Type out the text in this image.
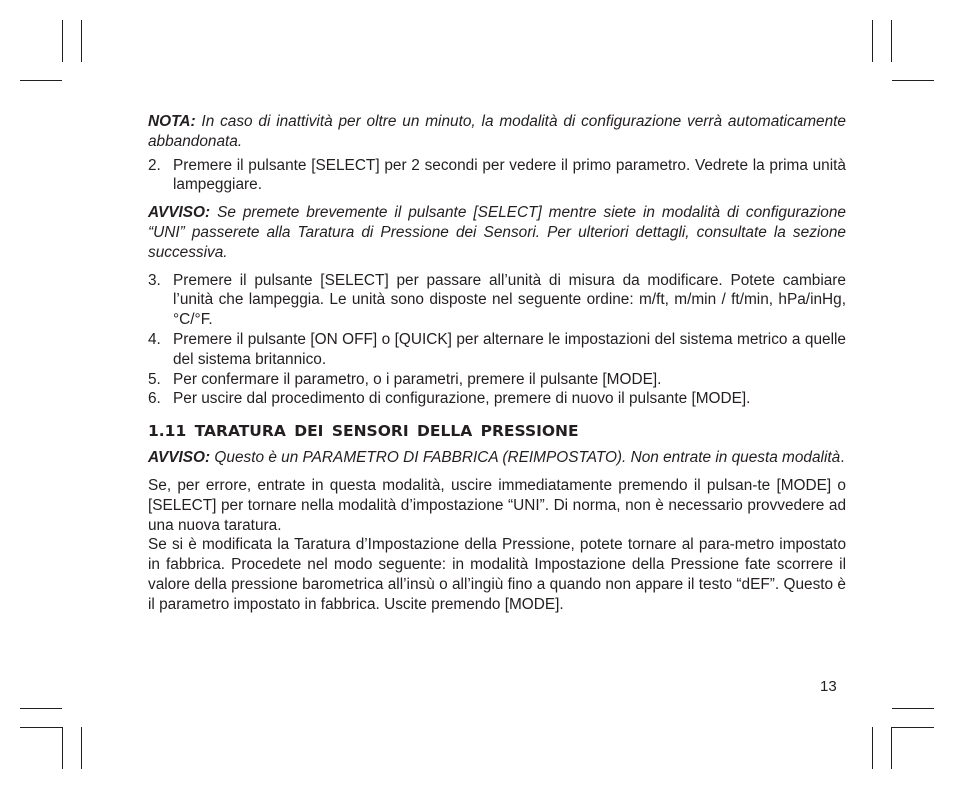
NOTA: In caso di inattività per oltre un minuto, la modalità di configurazione verrà automaticamente abbandonata.

2. Premere il pulsante [SELECT] per 2 secondi per vedere il primo parametro. Vedrete la prima unità lampeggiare.

AVVISO: Se premete brevemente il pulsante [SELECT] mentre siete in modalità di configurazione “UNI” passerete alla Taratura di Pressione dei Sensori. Per ulteriori dettagli, consultate la sezione successiva.

3. Premere il pulsante [SELECT] per passare all’unità di misura da modificare. Potete cambiare l’unità che lampeggia. Le unità sono disposte nel seguente ordine: m/ft, m/min / ft/min, hPa/inHg, °C/°F.
4. Premere il pulsante [ON OFF] o [QUICK] per alternare le impostazioni del sistema metrico a quelle del sistema britannico.
5. Per confermare il parametro, o i parametri, premere il pulsante [MODE].
6. Per uscire dal procedimento di configurazione, premere di nuovo il pulsante [MODE].
1.11 TARATURA DEI SENSORI DELLA PRESSIONE

AVVISO: Questo è un PARAMETRO DI FABBRICA (REIMPOSTATO). Non entrate in questa modalità.

Se, per errore, entrate in questa modalità, uscire immediatamente premendo il pulsan-te [MODE] o [SELECT] per tornare nella modalità d’impostazione “UNI”. Di norma, non è necessario provvedere ad una nuova taratura.

Se si è modificata la Taratura d’Impostazione della Pressione, potete tornare al para-metro impostato in fabbrica. Procedete nel modo seguente: in modalità Impostazione della Pressione fate scorrere il valore della pressione barometrica all’insù o all’ingiù fino a quando non appare il testo “dEF”. Questo è il parametro impostato in fabbrica. Uscite premendo [MODE].

13
